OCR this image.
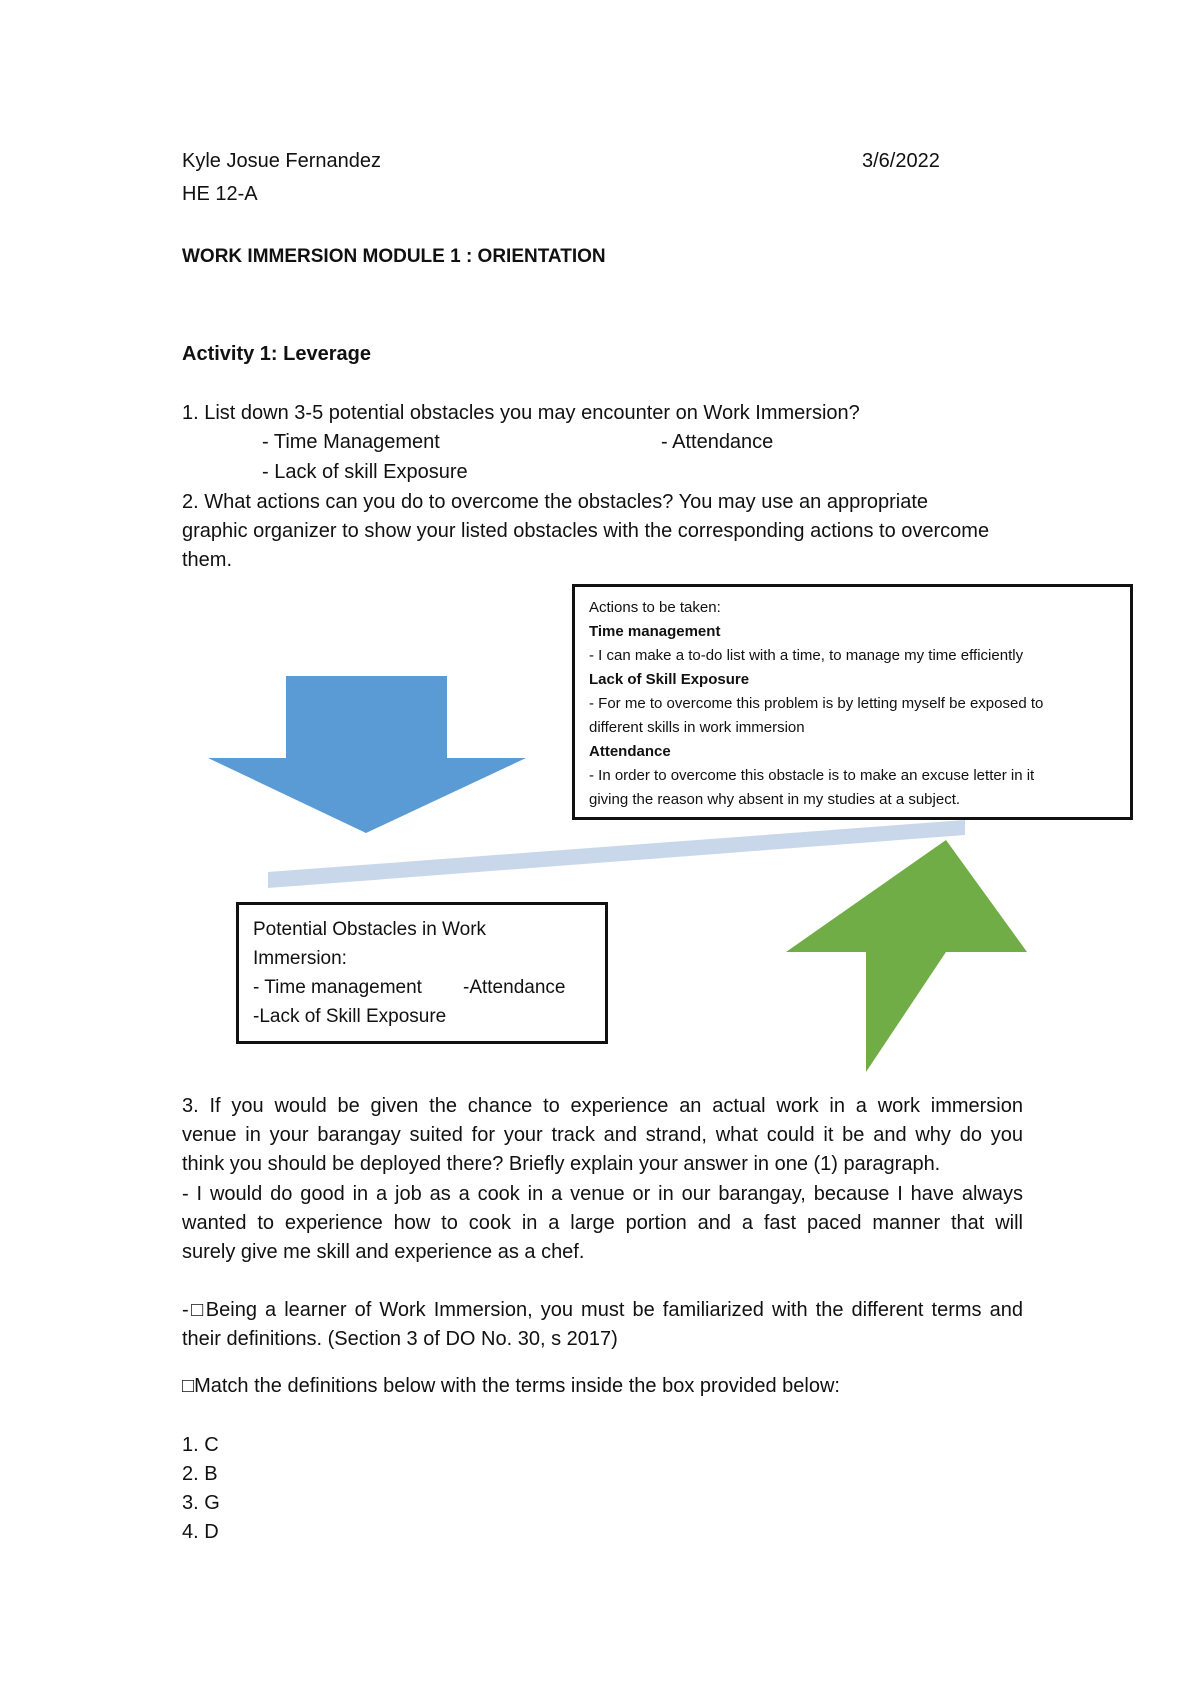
Kyle Josue Fernandez	3/6/2022
HE 12-A
WORK IMMERSION MODULE 1 : ORIENTATION
Activity 1: Leverage
1. List down 3-5 potential obstacles you may encounter on Work Immersion?
- Time Management	- Attendance
- Lack of skill Exposure
2. What actions can you do to overcome the obstacles? You may use an appropriate
graphic organizer to show your listed obstacles with the corresponding actions to overcome
them.
Actions to be taken:
Time management
- I can make a to-do list with a time, to manage my time efficiently
Lack of Skill Exposure
- For me to overcome this problem is by letting myself be exposed to
different skills in work immersion
Attendance
- In order to overcome this obstacle is to make an excuse letter in it
giving the reason why absent in my studies at a subject.
Potential Obstacles in Work
Immersion:
- Time management -Attendance
-Lack of Skill Exposure
3. If you would be given the chance to experience an actual work in a work immersion
venue in your barangay suited for your track and strand, what could it be and why do you
think you should be deployed there? Briefly explain your answer in one (1) paragraph.
- I would do good in a job as a cook in a venue or in our barangay, because I have always
wanted to experience how to cook in a large portion and a fast paced manner that will
surely give me skill and experience as a chef.
-□Being a learner of Work Immersion, you must be familiarized with the different terms and
their definitions. (Section 3 of DO No. 30, s 2017)
□Match the definitions below with the terms inside the box provided below:
1. C
2. B
3. G
4. D
